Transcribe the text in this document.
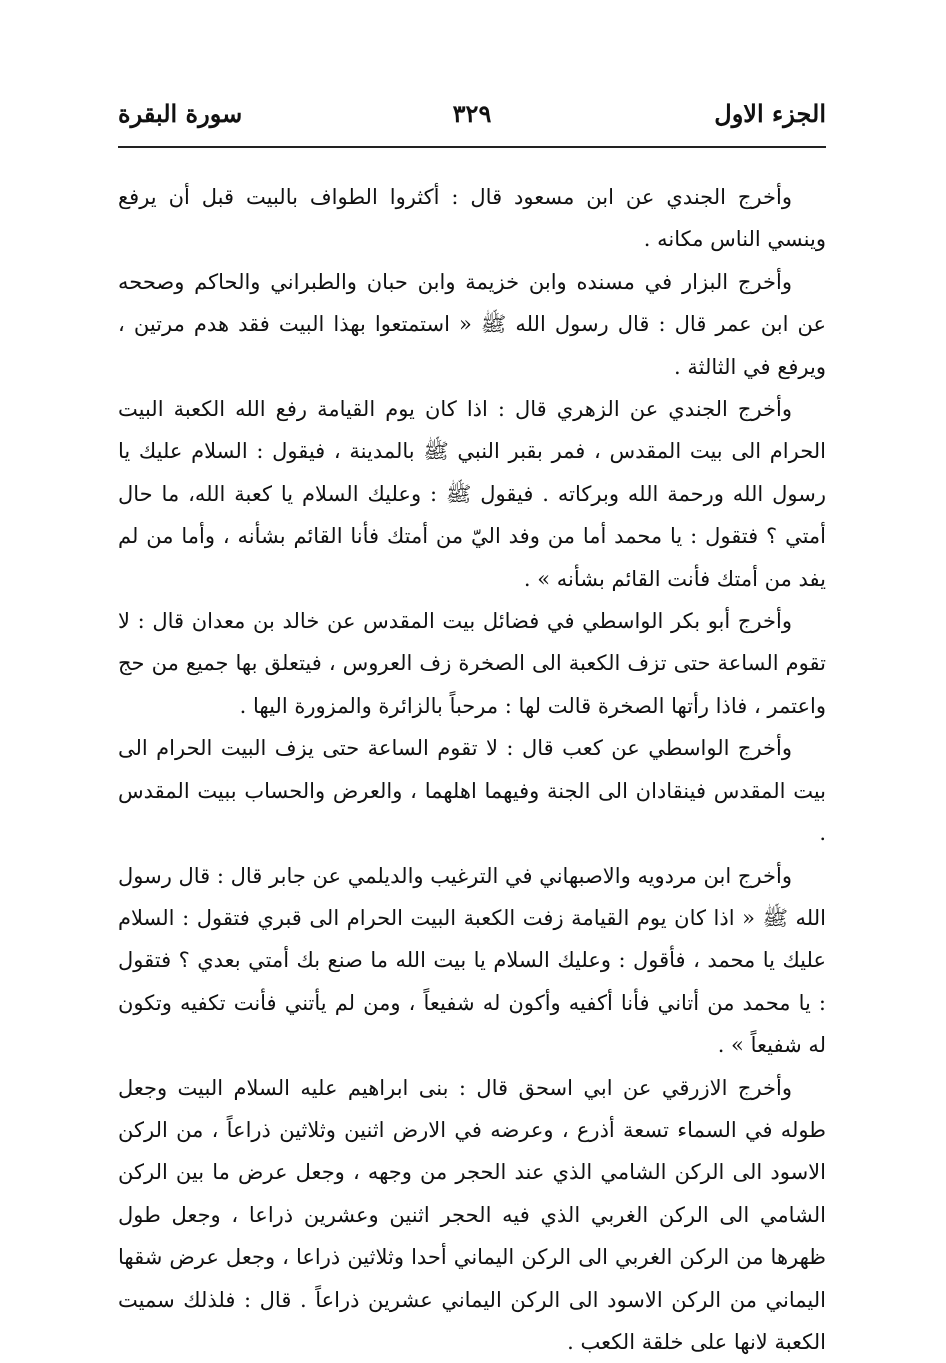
الجزء الاول
٣٢٩
سورة البقرة

وأخرج الجندي عن ابن مسعود قال : أكثروا الطواف بالبيت قبل أن يرفع وينسي الناس مكانه .

وأخرج البزار في مسنده وابن خزيمة وابن حبان والطبراني والحاكم وصححه عن ابن عمر قال : قال رسول الله ﷺ « استمتعوا بهذا البيت فقد هدم مرتين ، ويرفع في الثالثة .

وأخرج الجندي عن الزهري قال : اذا كان يوم القيامة رفع الله الكعبة البيت الحرام الى بيت المقدس ، فمر بقبر النبي ﷺ بالمدينة ، فيقول : السلام عليك يا رسول الله ورحمة الله وبركاته . فيقول ﷺ : وعليك السلام يا كعبة الله، ما حال أمتي ؟ فتقول : يا محمد أما من وفد اليّ من أمتك فأنا القائم بشأنه ، وأما من لم يفد من أمتك فأنت القائم بشأنه » .

وأخرج أبو بكر الواسطي في فضائل بيت المقدس عن خالد بن معدان قال : لا تقوم الساعة حتى تزف الكعبة الى الصخرة زف العروس ، فيتعلق بها جميع من حج واعتمر ، فاذا رأتها الصخرة قالت لها : مرحباً بالزائرة والمزورة اليها .

وأخرج الواسطي عن كعب قال : لا تقوم الساعة حتى يزف البيت الحرام الى بيت المقدس فينقادان الى الجنة وفيهما اهلهما ، والعرض والحساب ببيت المقدس .

وأخرج ابن مردويه والاصبهاني في الترغيب والديلمي عن جابر قال : قال رسول الله ﷺ « اذا كان يوم القيامة زفت الكعبة البيت الحرام الى قبري فتقول : السلام عليك يا محمد ، فأقول : وعليك السلام يا بيت الله ما صنع بك أمتي بعدي ؟ فتقول : يا محمد من أتاني فأنا أكفيه وأكون له شفيعاً ، ومن لم يأتني فأنت تكفيه وتكون له شفيعاً » .

وأخرج الازرقي عن ابي اسحق قال : بنى ابراهيم عليه السلام البيت وجعل طوله في السماء تسعة أذرع ، وعرضه في الارض اثنين وثلاثين ذراعاً ، من الركن الاسود الى الركن الشامي الذي عند الحجر من وجهه ، وجعل عرض ما بين الركن الشامي الى الركن الغربي الذي فيه الحجر اثنين وعشرين ذراعا ، وجعل طول ظهرها من الركن الغربي الى الركن اليماني أحدا وثلاثين ذراعا ، وجعل عرض شقها اليماني من الركن الاسود الى الركن اليماني عشرين ذراعاً . قال : فلذلك سميت الكعبة لانها على خلقة الكعب .
